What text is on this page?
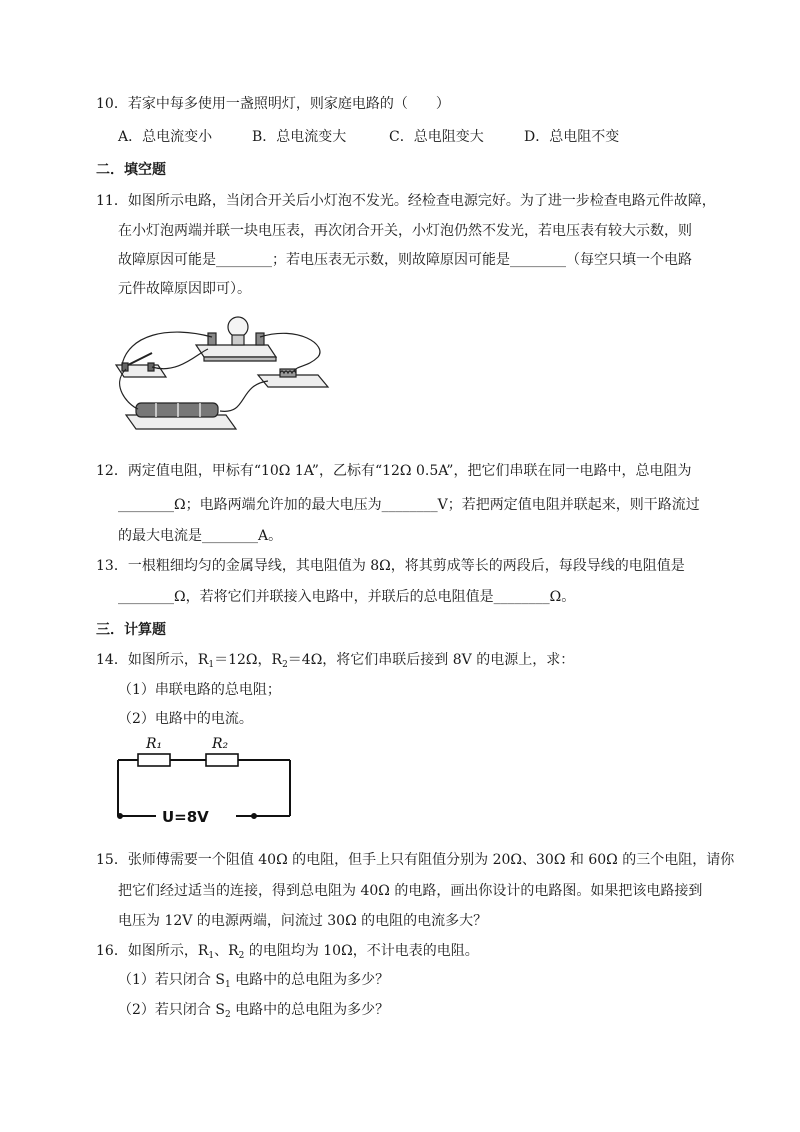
10．若家中每多使用一盏照明灯，则家庭电路的（　　）
A．总电流变小	B．总电流变大	C．总电阻变大	D．总电阻不变
二．填空题
11．如图所示电路，当闭合开关后小灯泡不发光。经检查电源完好。为了进一步检查电路元件故障，
在小灯泡两端并联一块电压表，再次闭合开关，小灯泡仍然不发光，若电压表有较大示数，则
故障原因可能是________；若电压表无示数，则故障原因可能是________（每空只填一个电路
元件故障原因即可）。
12．两定值电阻，甲标有“10Ω 1A”，乙标有“12Ω 0.5A”，把它们串联在同一电路中，总电阻为
________Ω；电路两端允许加的最大电压为________V；若把两定值电阻并联起来，则干路流过
的最大电流是________A。
13．一根粗细均匀的金属导线，其电阻值为 8Ω，将其剪成等长的两段后，每段导线的电阻值是
________Ω，若将它们并联接入电路中，并联后的总电阻值是________Ω。
三．计算题
14．如图所示，$R_1=12\Omega$，$R_2=4\Omega$，将它们串联后接到 8V 的电源上，求：
（1）串联电路的总电阻；
（2）电路中的电流。
R₁	R₂
U=8V
15．张师傅需要一个阻值 40Ω 的电阻，但手上只有阻值分别为 20Ω、30Ω 和 60Ω 的三个电阻，请你
把它们经过适当的连接，得到总电阻为 40Ω 的电路，画出你设计的电路图。如果把该电路接到
电压为 12V 的电源两端，问流过 30Ω 的电阻的电流多大？
16．如图所示，$R_1$、$R_2$ 的电阻均为 10Ω，不计电表的电阻。
（1）若只闭合 $S_1$ 电路中的总电阻为多少？
（2）若只闭合 $S_2$ 电路中的总电阻为多少？
